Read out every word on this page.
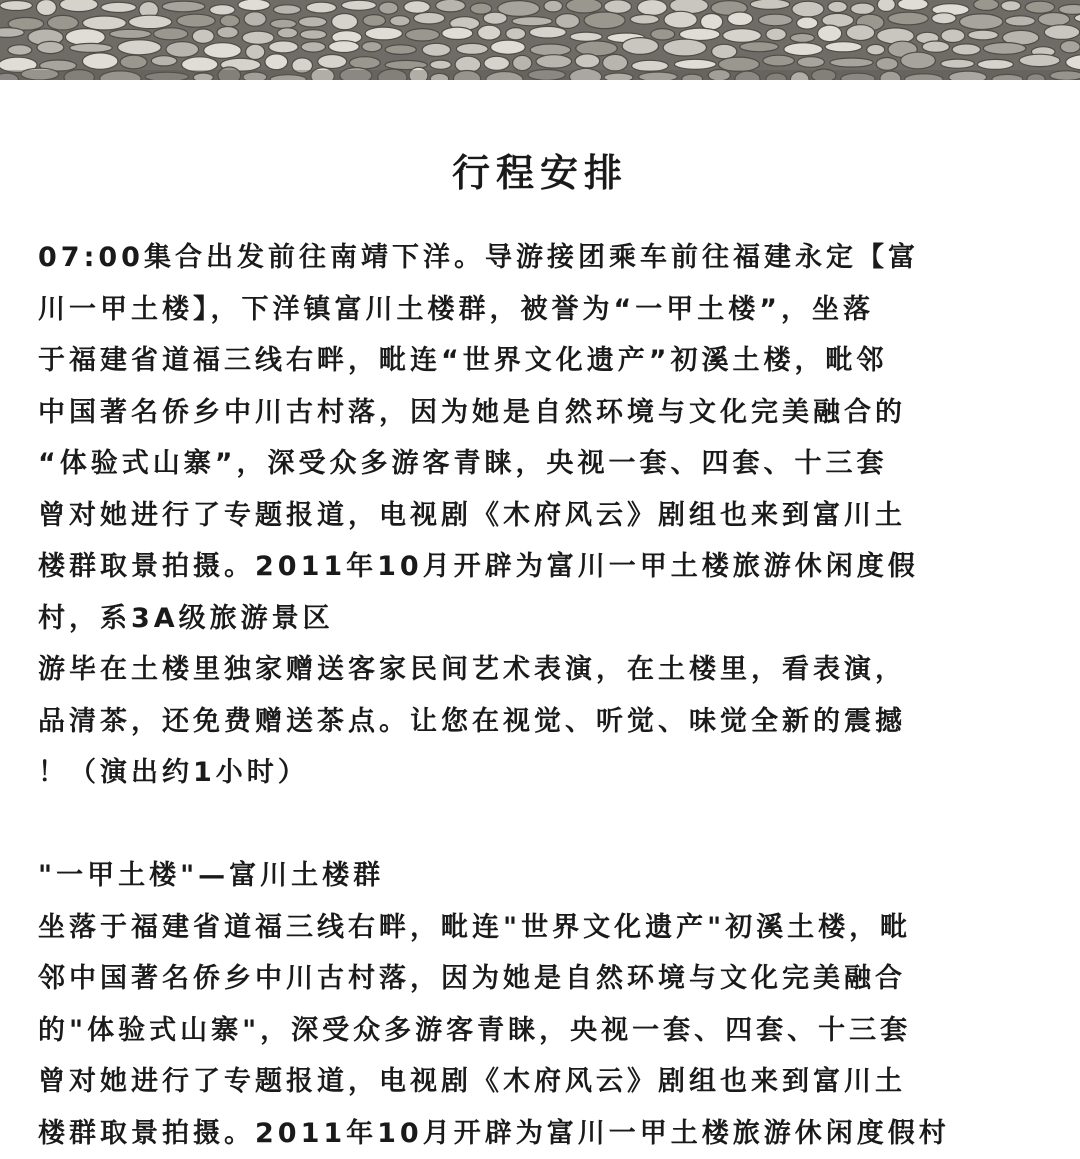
行程安排
07:00集合出发前往南靖下洋。导游接团乘车前往福建永定【富
川一甲土楼】，下洋镇富川土楼群，被誉为“一甲土楼”，坐落
于福建省道福三线右畔，毗连“世界文化遗产”初溪土楼，毗邻
中国著名侨乡中川古村落，因为她是自然环境与文化完美融合的
“体验式山寨”，深受众多游客青睐，央视一套、四套、十三套
曾对她进行了专题报道，电视剧《木府风云》剧组也来到富川土
楼群取景拍摄。2011年10月开辟为富川一甲土楼旅游休闲度假
村，系3A级旅游景区
游毕在土楼里独家赠送客家民间艺术表演，在土楼里，看表演，
品清茶，还免费赠送茶点。让您在视觉、听觉、味觉全新的震撼
！（演出约1小时）
"一甲土楼"—富川土楼群
坐落于福建省道福三线右畔，毗连"世界文化遗产"初溪土楼，毗
邻中国著名侨乡中川古村落，因为她是自然环境与文化完美融合
的"体验式山寨"，深受众多游客青睐，央视一套、四套、十三套
曾对她进行了专题报道，电视剧《木府风云》剧组也来到富川土
楼群取景拍摄。2011年10月开辟为富川一甲土楼旅游休闲度假村
